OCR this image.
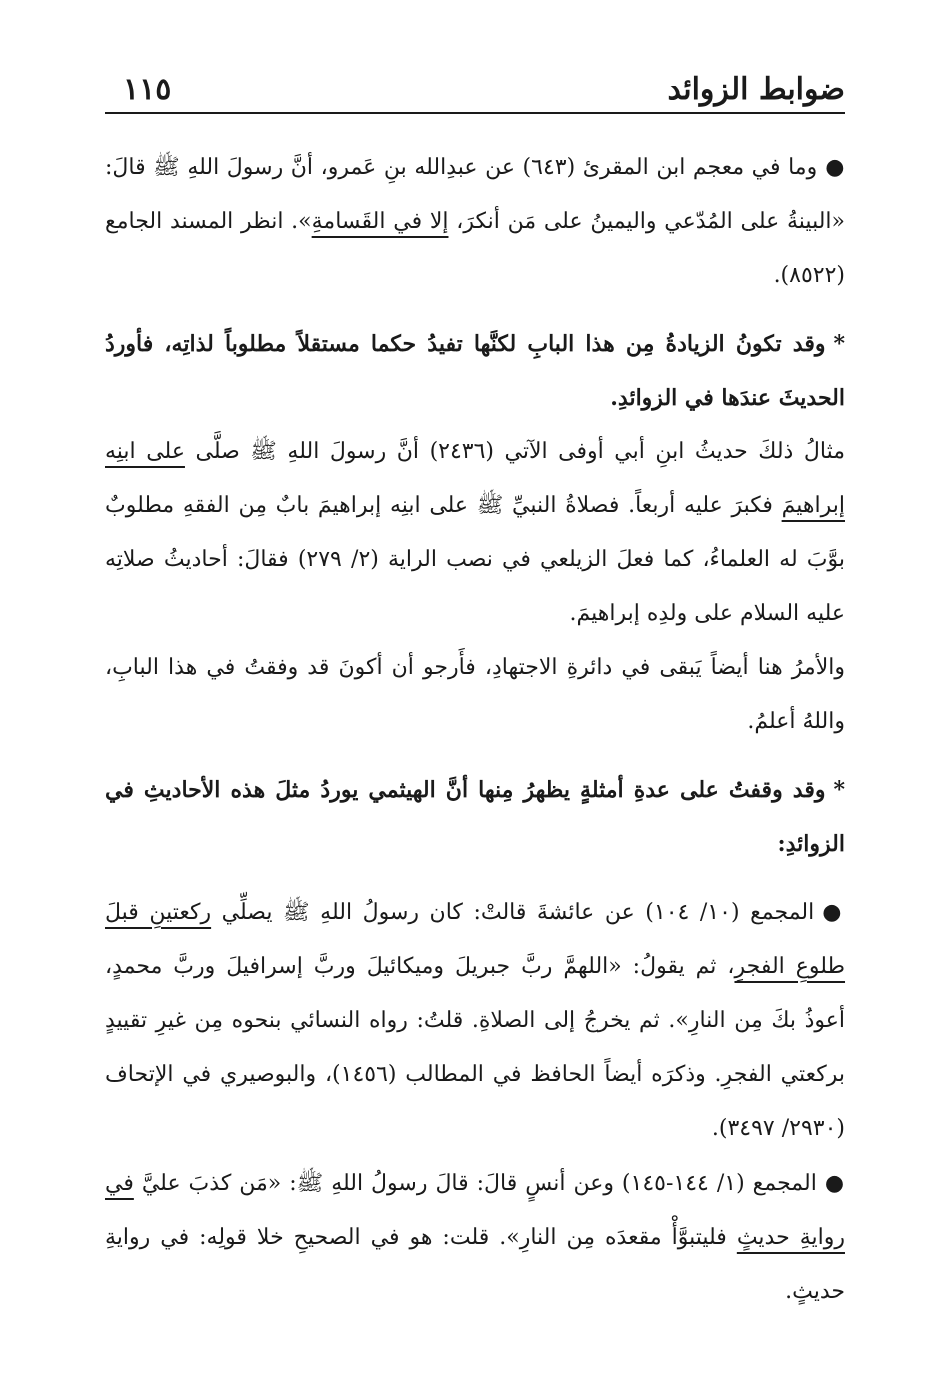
ضوابط الزوائد
١١٥

●وما في معجم ابن المقرئ (٦٤٣) عن عبدِالله بنِ عَمرو، أنَّ رسولَ اللهِ ﷺ قالَ: «البينةُ على المُدّعي واليمينُ على مَن أنكرَ، إلا في القَسامةِ». انظر المسند الجامع (٨٥٢٢).

*وقد تكونُ الزيادةُ مِن هذا البابِ لكنَّها تفيدُ حكما مستقلاً مطلوباً لذاتِه، فأوردُ الحديثَ عندَها في الزوائدِ.

مثالُ ذلكَ حديثُ ابنِ أبي أوفى الآتي (٢٤٣٦) أنَّ رسولَ اللهِ ﷺ صلَّى على ابنِه إبراهيمَ فكبرَ عليه أربعاً. فصلاةُ النبيِّ ﷺ على ابنِه إبراهيمَ بابٌ مِن الفقهِ مطلوبٌ بوَّبَ له العلماءُ، كما فعلَ الزيلعي في نصب الراية (٢/ ٢٧٩) فقالَ: أحاديثُ صلاتِه عليه السلام على ولدِه إبراهيمَ.

والأمرُ هنا أيضاً يَبقى في دائرةِ الاجتهادِ، فأَرجو أن أكونَ قد وفقتُ في هذا البابِ، واللهُ أعلمُ.

*وقد وقفتُ على عدةِ أمثلةٍ يظهرُ مِنها أنَّ الهيثمي يوردُ مثلَ هذه الأحاديثِ في الزوائدِ:

●المجمع (١٠/ ١٠٤) عن عائشةَ قالتْ: كان رسولُ اللهِ ﷺ يصلِّي ركعتينِ قبلَ طلوعِ الفجرِ، ثم يقولُ: «اللهمَّ ربَّ جبريلَ وميكائيلَ وربَّ إسرافيلَ وربَّ محمدٍ، أعوذُ بكَ مِن النارِ». ثم يخرجُ إلى الصلاةِ. قلتُ: رواه النسائي بنحوه مِن غيرِ تقييدٍ بركعتي الفجرِ. وذكرَه أيضاً الحافظ في المطالب (١٤٥٦)، والبوصيري في الإتحاف (٢٩٣٠/ ٣٤٩٧).

●المجمع (١/ ١٤٤-١٤٥) وعن أنسٍ قالَ: قالَ رسولُ اللهِ ﷺ: «مَن كذبَ عليَّ في روايةِ حديثٍ فليتبوَّأْ مقعدَه مِن النارِ». قلت: هو في الصحيحِ خلا قولِه: في روايةِ حديثٍ.
